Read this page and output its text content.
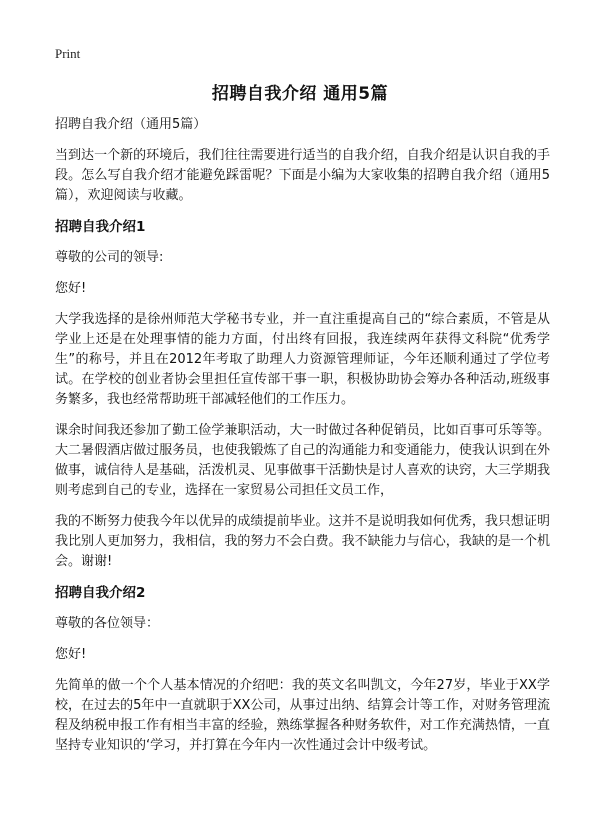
Print
招聘自我介绍 通用5篇

招聘自我介绍（通用5篇）

当到达一个新的环境后，我们往往需要进行适当的自我介绍，自我介绍是认识自我的手段。怎么写自我介绍才能避免踩雷呢？下面是小编为大家收集的招聘自我介绍（通用5篇），欢迎阅读与收藏。

招聘自我介绍1

尊敬的公司的领导:

您好!

大学我选择的是徐州师范大学秘书专业，并一直注重提高自己的“综合素质，不管是从学业上还是在处理事情的能力方面，付出终有回报，我连续两年获得文科院“优秀学生”的称号，并且在2012年考取了助理人力资源管理师证，今年还顺利通过了学位考试。在学校的创业者协会里担任宣传部干事一职，积极协助协会筹办各种活动,班级事务繁多，我也经常帮助班干部减轻他们的工作压力。

课余时间我还参加了勤工俭学兼职活动，大一时做过各种促销员，比如百事可乐等等。大二暑假酒店做过服务员，也使我锻炼了自己的沟通能力和变通能力，使我认识到在外做事，诚信待人是基础，活泼机灵、见事做事干活勤快是讨人喜欢的诀窍，大三学期我则考虑到自己的专业，选择在一家贸易公司担任文员工作，

我的不断努力使我今年以优异的成绩提前毕业。这并不是说明我如何优秀，我只想证明我比别人更加努力，我相信，我的努力不会白费。我不缺能力与信心，我缺的是一个机会。谢谢!

招聘自我介绍2

尊敬的各位领导：

您好!

先简单的做一个个人基本情况的介绍吧：我的英文名叫凯文，今年27岁，毕业于XX学校，在过去的5年中一直就职于XX公司，从事过出纳、结算会计等工作，对财务管理流程及纳税申报工作有相当丰富的经验，熟练掌握各种财务软件，对工作充满热情，一直坚持专业知识的‘学习，并打算在今年内一次性通过会计中级考试。
